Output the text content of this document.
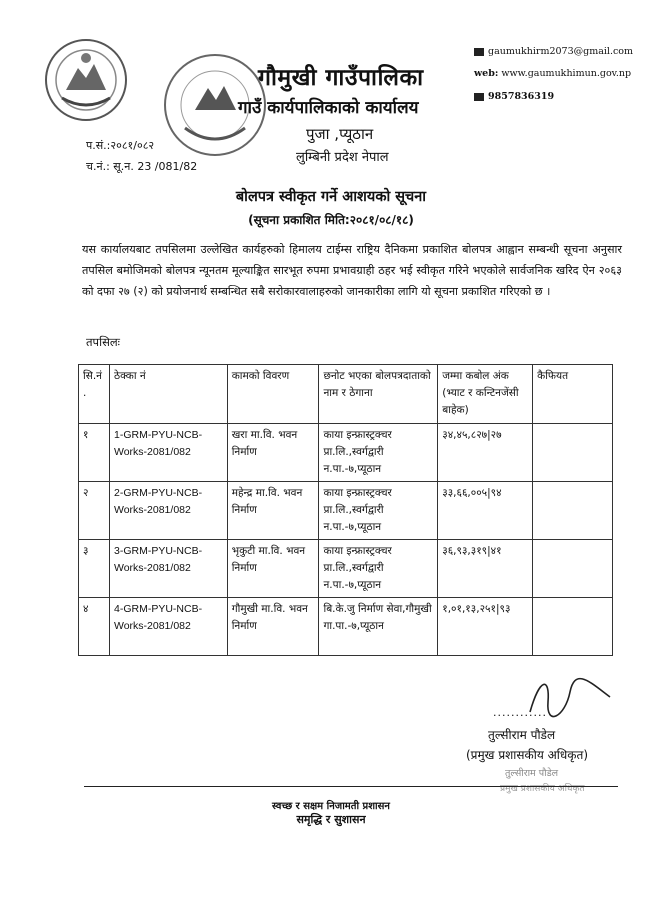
गौमुखी गाउँपालिका
गाउँ कार्यपालिकाको कार्यालय
पुजा ,प्यूठान
लुम्बिनी प्रदेश नेपाल
gaumukhirm2073@gmail.com
web: www.gaumukhimun.gov.np
9857836319
प.सं.:२०८१/०८२
च.नं.: सू.न. 23 /081/82
बोलपत्र स्वीकृत गर्ने आशयको सूचना
(सूचना प्रकाशित मिति:२०८१/०८/१८)
यस कार्यालयबाट तपसिलमा उल्लेखित कार्यहरुको हिमालय टाईम्स राष्ट्रिय दैनिकमा प्रकाशित बोलपत्र आह्वान सम्बन्धी सूचना अनुसार तपसिल बमोजिमको बोलपत्र न्यूनतम मूल्याङ्कित सारभूत रुपमा प्रभावग्राही ठहर भई स्वीकृत गरिने भएकोले सार्वजनिक खरिद ऐन २०६३ को दफा २७ (२) को प्रयोजनार्थ सम्बन्धित सबै सरोकारवालाहरुको जानकारीका लागि यो सूचना प्रकाशित गरिएको छ ।
तपसिलः
सि.नं .	ठेक्का नं	कामको विवरण	छनोट भएका बोलपत्रदाताको नाम र ठेगाना	जम्मा कबोल अंक (भ्याट र कन्टिनजेंसी बाहेक)	कैफियत
१	1-GRM-PYU-NCB-Works-2081/082	खरा मा.वि. भवन निर्माण	काया इन्फ्रास्ट्रक्चर प्रा.लि.,स्वर्गद्वारी न.पा.-७,प्यूठान	३४,४५,८२७|२७	
२	2-GRM-PYU-NCB-Works-2081/082	महेन्द्र मा.वि. भवन निर्माण	काया इन्फ्रास्ट्रक्चर प्रा.लि.,स्वर्गद्वारी न.पा.-७,प्यूठान	३३,६६,००५|९४	
३	3-GRM-PYU-NCB-Works-2081/082	भृकुटी मा.वि. भवन निर्माण	काया इन्फ्रास्ट्रक्चर प्रा.लि.,स्वर्गद्वारी न.पा.-७,प्यूठान	३६,९३,३१९|४१	
४	4-GRM-PYU-NCB-Works-2081/082	गौमुखी मा.वि. भवन निर्माण	बि.के.जु निर्माण सेवा,गौमुखी गा.पा.-७,प्यूठान	१,०१,१३,२५१|९३	
............
तुल्सीराम पौडेल
(प्रमुख प्रशासकीय अधिकृत)
तुल्सीराम पौडेल
प्रमुख प्रशासकीय अधिकृत
स्वच्छ र सक्षम निजामती प्रशासन
समृद्धि र सुशासन
